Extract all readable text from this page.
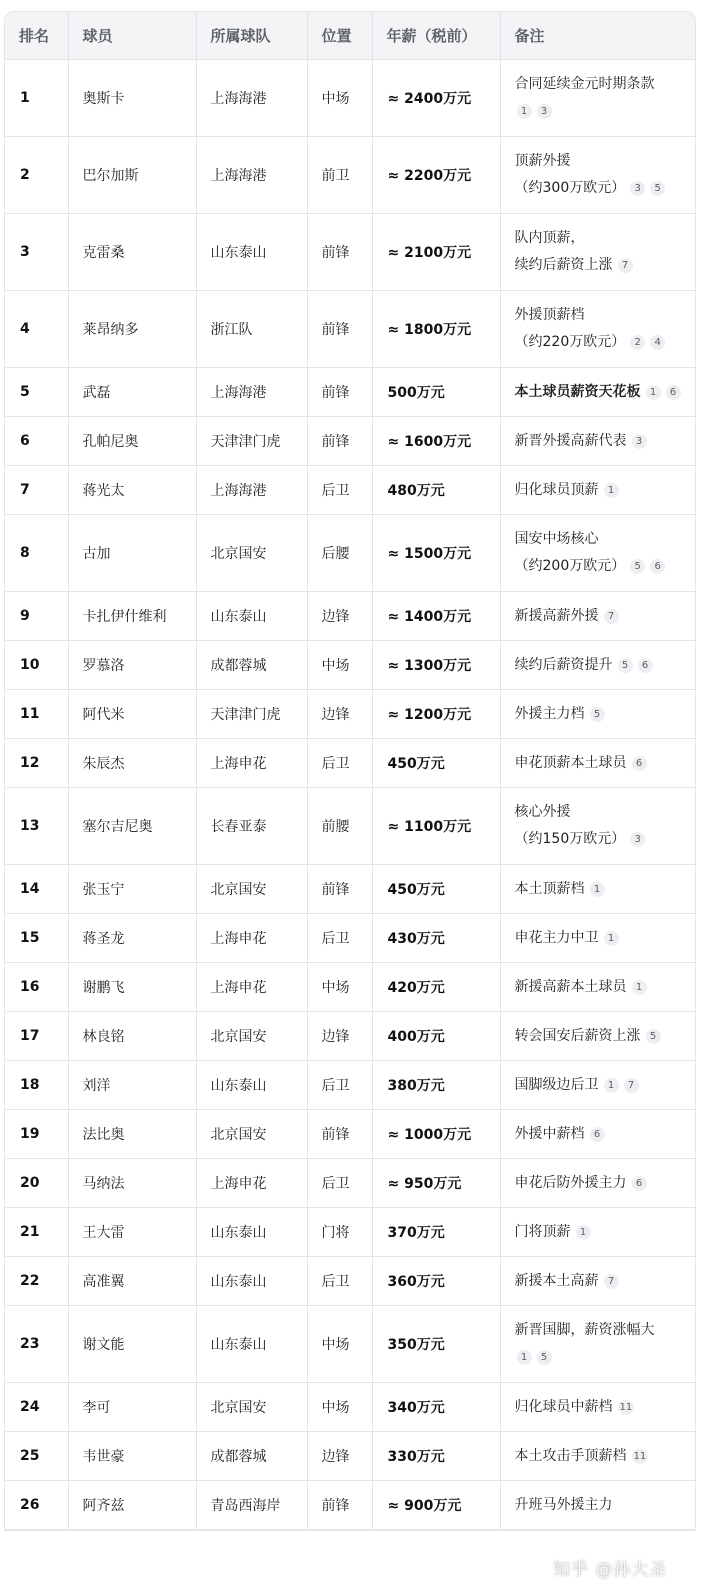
排名	球员	所属球队	位置	年薪（税前）	备注
1	奥斯卡	上海海港	中场	≈ 2400万元	合同延续金元时期条款
1 3
2	巴尔加斯	上海海港	前卫	≈ 2200万元	顶薪外援
（约300万欧元） 3 5
3	克雷桑	山东泰山	前锋	≈ 2100万元	队内顶薪，
续约后薪资上涨 7
4	莱昂纳多	浙江队	前锋	≈ 1800万元	外援顶薪档
（约220万欧元） 2 4
5	武磊	上海海港	前锋	500万元	本土球员薪资天花板 1 6
6	孔帕尼奥	天津津门虎	前锋	≈ 1600万元	新晋外援高薪代表 3
7	蒋光太	上海海港	后卫	480万元	归化球员顶薪 1
8	古加	北京国安	后腰	≈ 1500万元	国安中场核心
（约200万欧元） 5 6
9	卡扎伊什维利	山东泰山	边锋	≈ 1400万元	新援高薪外援 7
10	罗慕洛	成都蓉城	中场	≈ 1300万元	续约后薪资提升 5 6
11	阿代米	天津津门虎	边锋	≈ 1200万元	外援主力档 5
12	朱辰杰	上海申花	后卫	450万元	申花顶薪本土球员 6
13	塞尔吉尼奥	长春亚泰	前腰	≈ 1100万元	核心外援
（约150万欧元） 3
14	张玉宁	北京国安	前锋	450万元	本土顶薪档 1
15	蒋圣龙	上海申花	后卫	430万元	申花主力中卫 1
16	谢鹏飞	上海申花	中场	420万元	新援高薪本土球员 1
17	林良铭	北京国安	边锋	400万元	转会国安后薪资上涨 5
18	刘洋	山东泰山	后卫	380万元	国脚级边后卫 1 7
19	法比奥	北京国安	前锋	≈ 1000万元	外援中薪档 6
20	马纳法	上海申花	后卫	≈ 950万元	申花后防外援主力 6
21	王大雷	山东泰山	门将	370万元	门将顶薪 1
22	高准翼	山东泰山	后卫	360万元	新援本土高薪 7
23	谢文能	山东泰山	中场	350万元	新晋国脚，薪资涨幅大
1 5
24	李可	北京国安	中场	340万元	归化球员中薪档 11
25	韦世豪	成都蓉城	边锋	330万元	本土攻击手顶薪档 11
26	阿齐兹	青岛西海岸	前锋	≈ 900万元	升班马外援主力
知乎 @孙大圣
